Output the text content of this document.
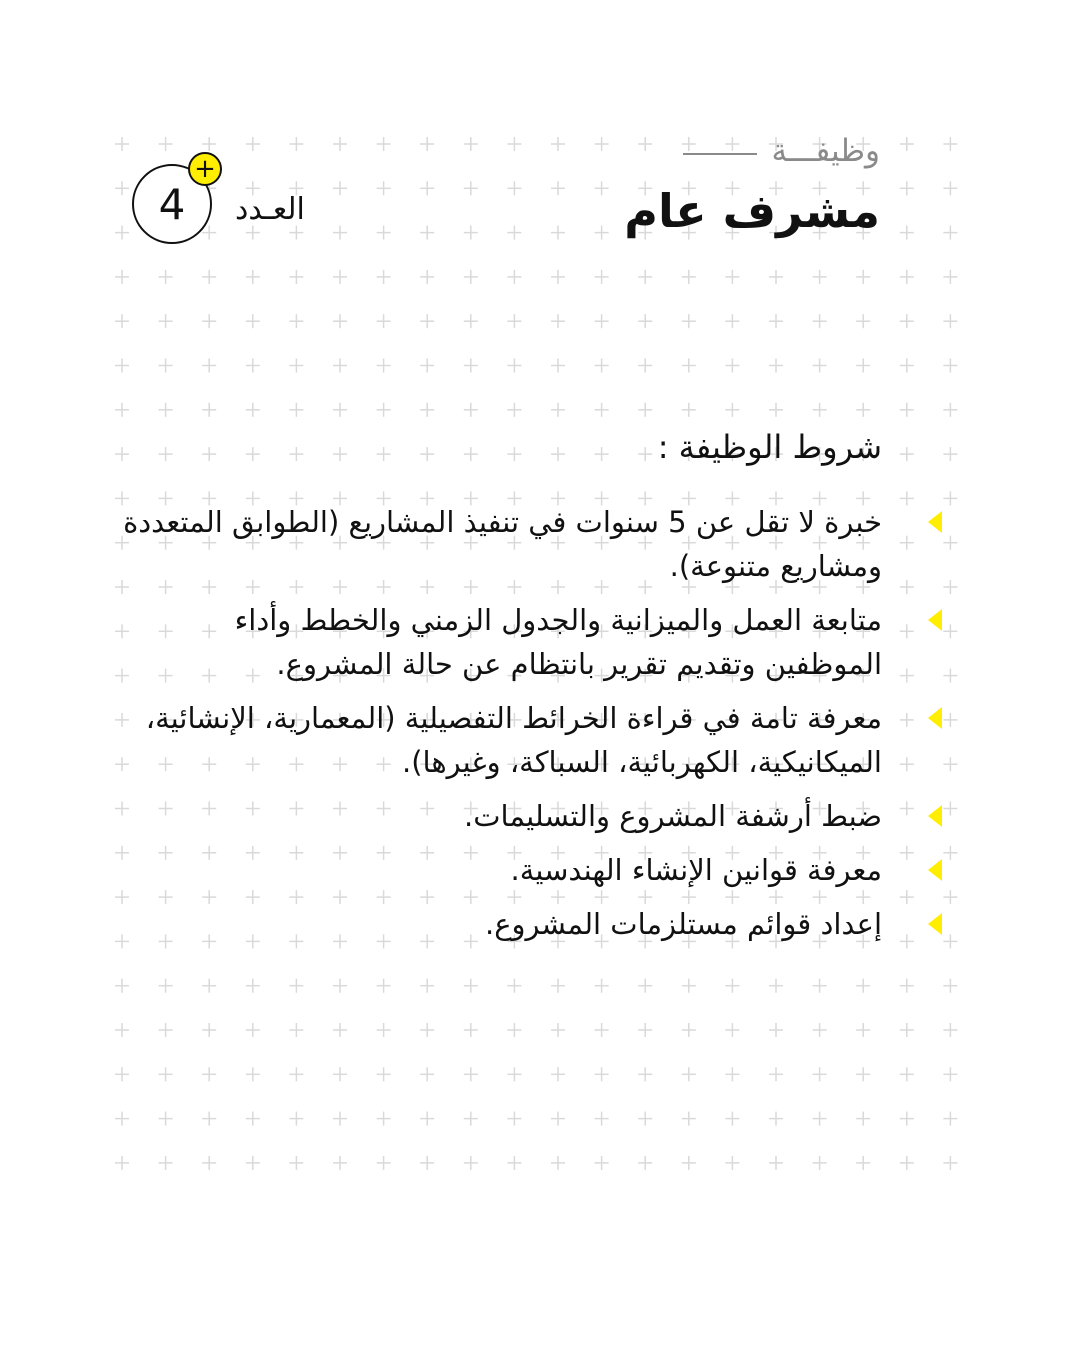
وظيفـــة
مشرف عام
4
+
العـدد
شروط الوظيفة :
خبرة لا تقل عن 5 سنوات في تنفيذ المشاريع (الطوابق المتعددة ومشاريع متنوعة).
متابعة العمل والميزانية والجدول الزمني والخطط وأداء الموظفين وتقديم تقرير بانتظام عن حالة المشروع.
معرفة تامة في قراءة الخرائط التفصيلية (المعمارية، الإنشائية، الميكانيكية، الكهربائية، السباكة، وغيرها).
ضبط أرشفة المشروع والتسليمات.
معرفة قوانين الإنشاء الهندسية.
إعداد قوائم مستلزمات المشروع.
